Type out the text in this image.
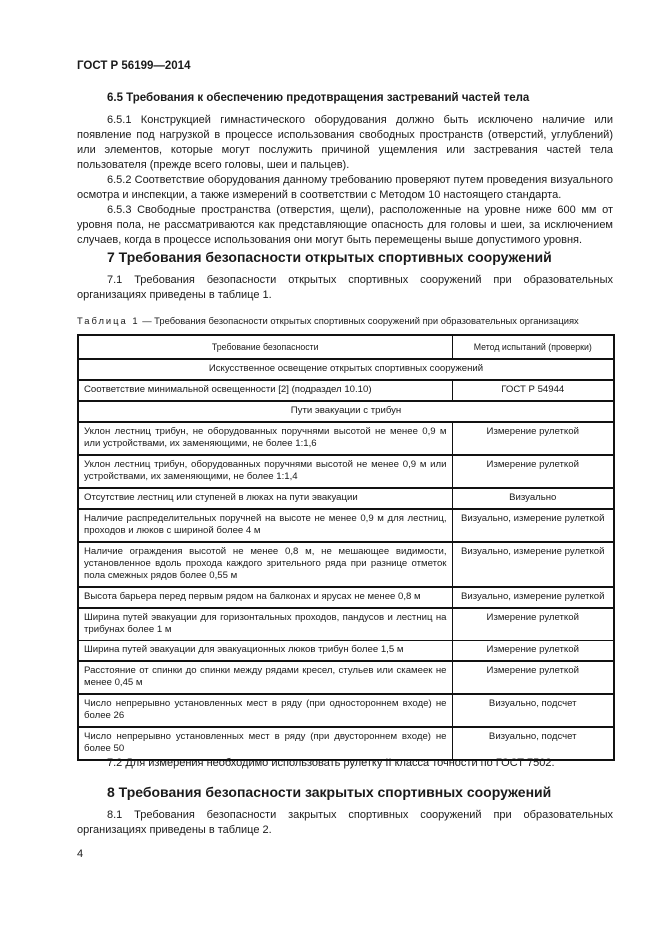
ГОСТ Р 56199—2014
6.5 Требования к обеспечению предотвращения застреваний частей тела

6.5.1 Конструкцией гимнастического оборудования должно быть исключено наличие или появление под нагрузкой в процессе использования свободных пространств (отверстий, углублений) или элементов, которые могут послужить причиной ущемления или застревания частей тела пользователя (прежде всего головы, шеи и пальцев).

6.5.2 Соответствие оборудования данному требованию проверяют путем проведения визуального осмотра и инспекции, а также измерений в соответствии с Методом 10 настоящего стандарта.

6.5.3 Свободные пространства (отверстия, щели), расположенные на уровне ниже 600 мм от уровня пола, не рассматриваются как представляющие опасность для головы и шеи, за исключением случаев, когда в процессе использования они могут быть перемещены выше допустимого уровня.

7 Требования безопасности открытых спортивных сооружений

7.1 Требования безопасности открытых спортивных сооружений при образовательных организациях приведены в таблице 1.

Таблица 1 — Требования безопасности открытых спортивных сооружений при образовательных организациях

Требование безопасности	Метод испытаний (проверки)
Искусственное освещение открытых спортивных сооружений	
Соответствие минимальной освещенности [2] (подраздел 10.10)	ГОСТ Р 54944
Пути эвакуации с трибун	
Уклон лестниц трибун, не оборудованных поручнями высотой не менее 0,9 м или устройствами, их заменяющими, не более 1:1,6	Измерение рулеткой
Уклон лестниц трибун, оборудованных поручнями высотой не менее 0,9 м или устройствами, их заменяющими, не более 1:1,4	Измерение рулеткой
Отсутствие лестниц или ступеней в люках на пути эвакуации	Визуально
Наличие распределительных поручней на высоте не менее 0,9 м для лестниц, проходов и люков с шириной более 4 м	Визуально, измерение рулеткой
Наличие ограждения высотой не менее 0,8 м, не мешающее видимости, установленное вдоль прохода каждого зрительного ряда при разнице отметок пола смежных рядов более 0,55 м	Визуально, измерение рулеткой
Высота барьера перед первым рядом на балконах и ярусах не менее 0,8 м	Визуально, измерение рулеткой
Ширина путей эвакуации для горизонтальных проходов, пандусов и лестниц на трибунах более 1 м	Измерение рулеткой
Ширина путей эвакуации для эвакуационных люков трибун более 1,5 м	Измерение рулеткой
Расстояние от спинки до спинки между рядами кресел, стульев или скамеек не менее 0,45 м	Измерение рулеткой
Число непрерывно установленных мест в ряду (при одностороннем входе) не более 26	Визуально, подсчет
Число непрерывно установленных мест в ряду (при двустороннем входе) не более 50	Визуально, подсчет

7.2 Для измерения необходимо использовать рулетку II класса точности по ГОСТ 7502.

8 Требования безопасности закрытых спортивных сооружений

8.1 Требования безопасности закрытых спортивных сооружений при образовательных организациях приведены в таблице 2.

4
